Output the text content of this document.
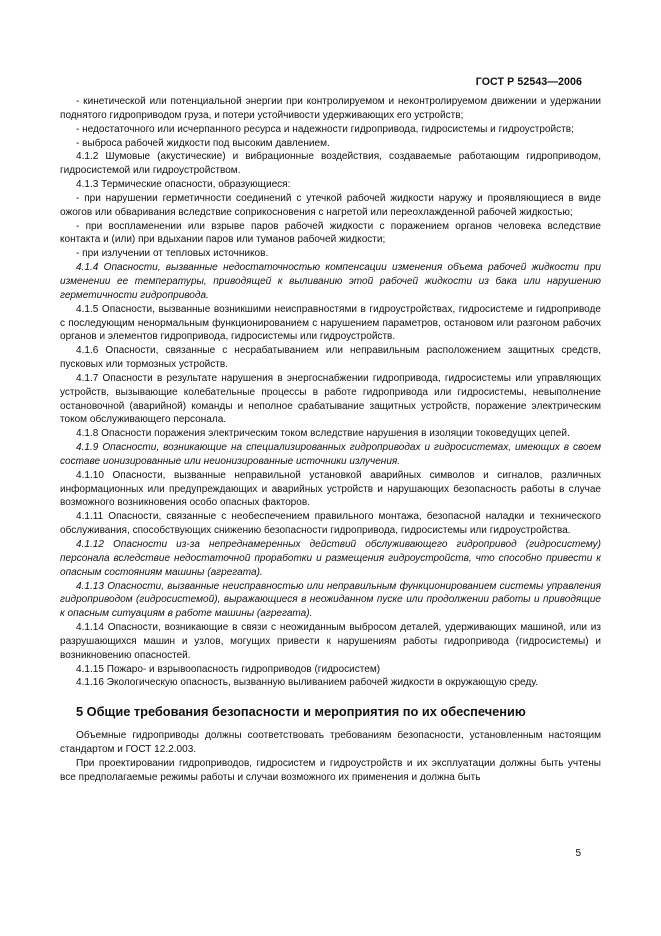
ГОСТ Р 52543—2006

- кинетической или потенциальной энергии при контролируемом и неконтролируемом движении и удержании поднятого гидроприводом груза, и потери устойчивости удерживающих его устройств;

- недостаточного или исчерпанного ресурса и надежности гидропривода, гидросистемы и гидроустройств;

- выброса рабочей жидкости под высоким давлением.

4.1.2 Шумовые (акустические) и вибрационные воздействия, создаваемые работающим гидроприводом, гидросистемой или гидроустройством.

4.1.3 Термические опасности, образующиеся:

- при нарушении герметичности соединений с утечкой рабочей жидкости наружу и проявляющиеся в виде ожогов или обваривания вследствие соприкосновения с нагретой или переохлажденной рабочей жидкостью;

- при воспламенении или взрыве паров рабочей жидкости с поражением органов человека вследствие контакта и (или) при вдыхании паров или туманов рабочей жидкости;

- при излучении от тепловых источников.

4.1.4 Опасности, вызванные недостаточностью компенсации изменения объема рабочей жидкости при изменении ее температуры, приводящей к выливанию этой рабочей жидкости из бака или нарушению герметичности гидропривода.

4.1.5 Опасности, вызванные возникшими неисправностями в гидроустройствах, гидросистеме и гидроприводе с последующим ненормальным функционированием с нарушением параметров, остановом или разгоном рабочих органов и элементов гидропривода, гидросистемы или гидроустройств.

4.1.6 Опасности, связанные с несрабатыванием или неправильным расположением защитных средств, пусковых или тормозных устройств.

4.1.7 Опасности в результате нарушения в энергоснабжении гидропривода, гидросистемы или управляющих устройств, вызывающие колебательные процессы в работе гидропривода или гидросистемы, невыполнение остановочной (аварийной) команды и неполное срабатывание защитных устройств, поражение электрическим током обслуживающего персонала.

4.1.8 Опасности поражения электрическим током вследствие нарушения в изоляции токоведущих цепей.

4.1.9 Опасности, возникающие на специализированных гидроприводах и гидросистемах, имеющих в своем составе ионизированные или неионизированные источники излучения.

4.1.10 Опасности, вызванные неправильной установкой аварийных символов и сигналов, различных информационных или предупреждающих и аварийных устройств и нарушающих безопасность работы в случае возможного возникновения особо опасных факторов.

4.1.11 Опасности, связанные с необеспечением правильного монтажа, безопасной наладки и технического обслуживания, способствующих снижению безопасности гидропривода, гидросистемы или гидроустройства.

4.1.12 Опасности из-за непреднамеренных действий обслуживающего гидропривод (гидросистему) персонала вследствие недостаточной проработки и размещения гидроустройств, что способно привести к опасным состояниям машины (агрегата).

4.1.13 Опасности, вызванные неисправностью или неправильным функционированием системы управления гидроприводом (гидросистемой), выражающиеся в неожиданном пуске или продолжении работы и приводящие к опасным ситуациям в работе машины (агрегата).

4.1.14 Опасности, возникающие в связи с неожиданным выбросом деталей, удерживающих машиной, или из разрушающихся машин и узлов, могущих привести к нарушениям работы гидропривода (гидросистемы) и возникновению опасностей.

4.1.15 Пожаро- и взрывоопасность гидроприводов (гидросистем)

4.1.16 Экологическую опасность, вызванную выливанием рабочей жидкости в окружающую среду.

5 Общие требования безопасности и мероприятия по их обеспечению

Объемные гидроприводы должны соответствовать требованиям безопасности, установленным настоящим стандартом и ГОСТ 12.2.003.

При проектировании гидроприводов, гидросистем и гидроустройств и их эксплуатации должны быть учтены все предполагаемые режимы работы и случаи возможного их применения и должна быть

5
